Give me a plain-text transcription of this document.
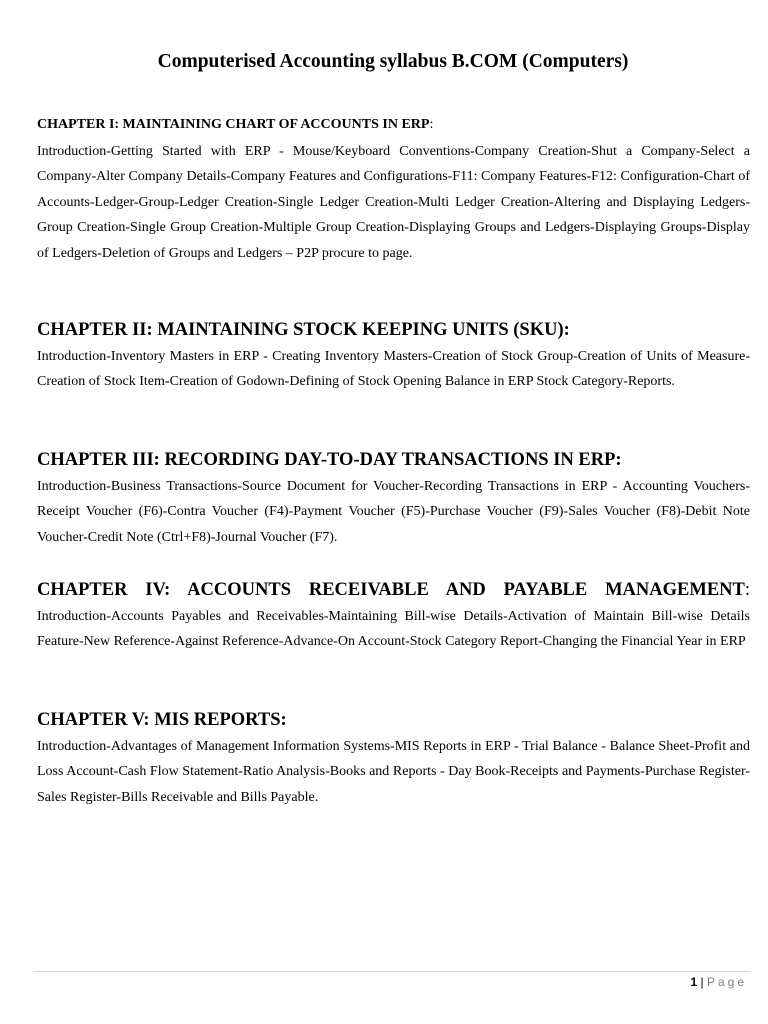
Computerised Accounting syllabus B.COM (Computers)
CHAPTER I: MAINTAINING CHART OF ACCOUNTS IN ERP:

Introduction-Getting Started with ERP - Mouse/Keyboard Conventions-Company Creation-Shut a Company-Select a Company-Alter Company Details-Company Features and Configurations-F11: Company Features-F12: Configuration-Chart of Accounts-Ledger-Group-Ledger Creation-Single Ledger Creation-Multi Ledger Creation-Altering and Displaying Ledgers-Group Creation-Single Group Creation-Multiple Group Creation-Displaying Groups and Ledgers-Displaying Groups-Display of Ledgers-Deletion of Groups and Ledgers – P2P procure to page.

CHAPTER II: MAINTAINING STOCK KEEPING UNITS (SKU):

Introduction-Inventory Masters in ERP - Creating Inventory Masters-Creation of Stock Group-Creation of Units of Measure-Creation of Stock Item-Creation of Godown-Defining of Stock Opening Balance in ERP Stock Category-Reports.

CHAPTER III: RECORDING DAY-TO-DAY TRANSACTIONS IN ERP:

Introduction-Business Transactions-Source Document for Voucher-Recording Transactions in ERP - Accounting Vouchers-Receipt Voucher (F6)-Contra Voucher (F4)-Payment Voucher (F5)-Purchase Voucher (F9)-Sales Voucher (F8)-Debit Note Voucher-Credit Note (Ctrl+F8)-Journal Voucher (F7).

CHAPTER IV: ACCOUNTS RECEIVABLE AND PAYABLE MANAGEMENT:

Introduction-Accounts Payables and Receivables-Maintaining Bill-wise Details-Activation of Maintain Bill-wise Details Feature-New Reference-Against Reference-Advance-On Account-Stock Category Report-Changing the Financial Year in ERP

CHAPTER V: MIS REPORTS:

Introduction-Advantages of Management Information Systems-MIS Reports in ERP - Trial Balance - Balance Sheet-Profit and Loss Account-Cash Flow Statement-Ratio Analysis-Books and Reports - Day Book-Receipts and Payments-Purchase Register-Sales Register-Bills Receivable and Bills Payable.

1 | Page
